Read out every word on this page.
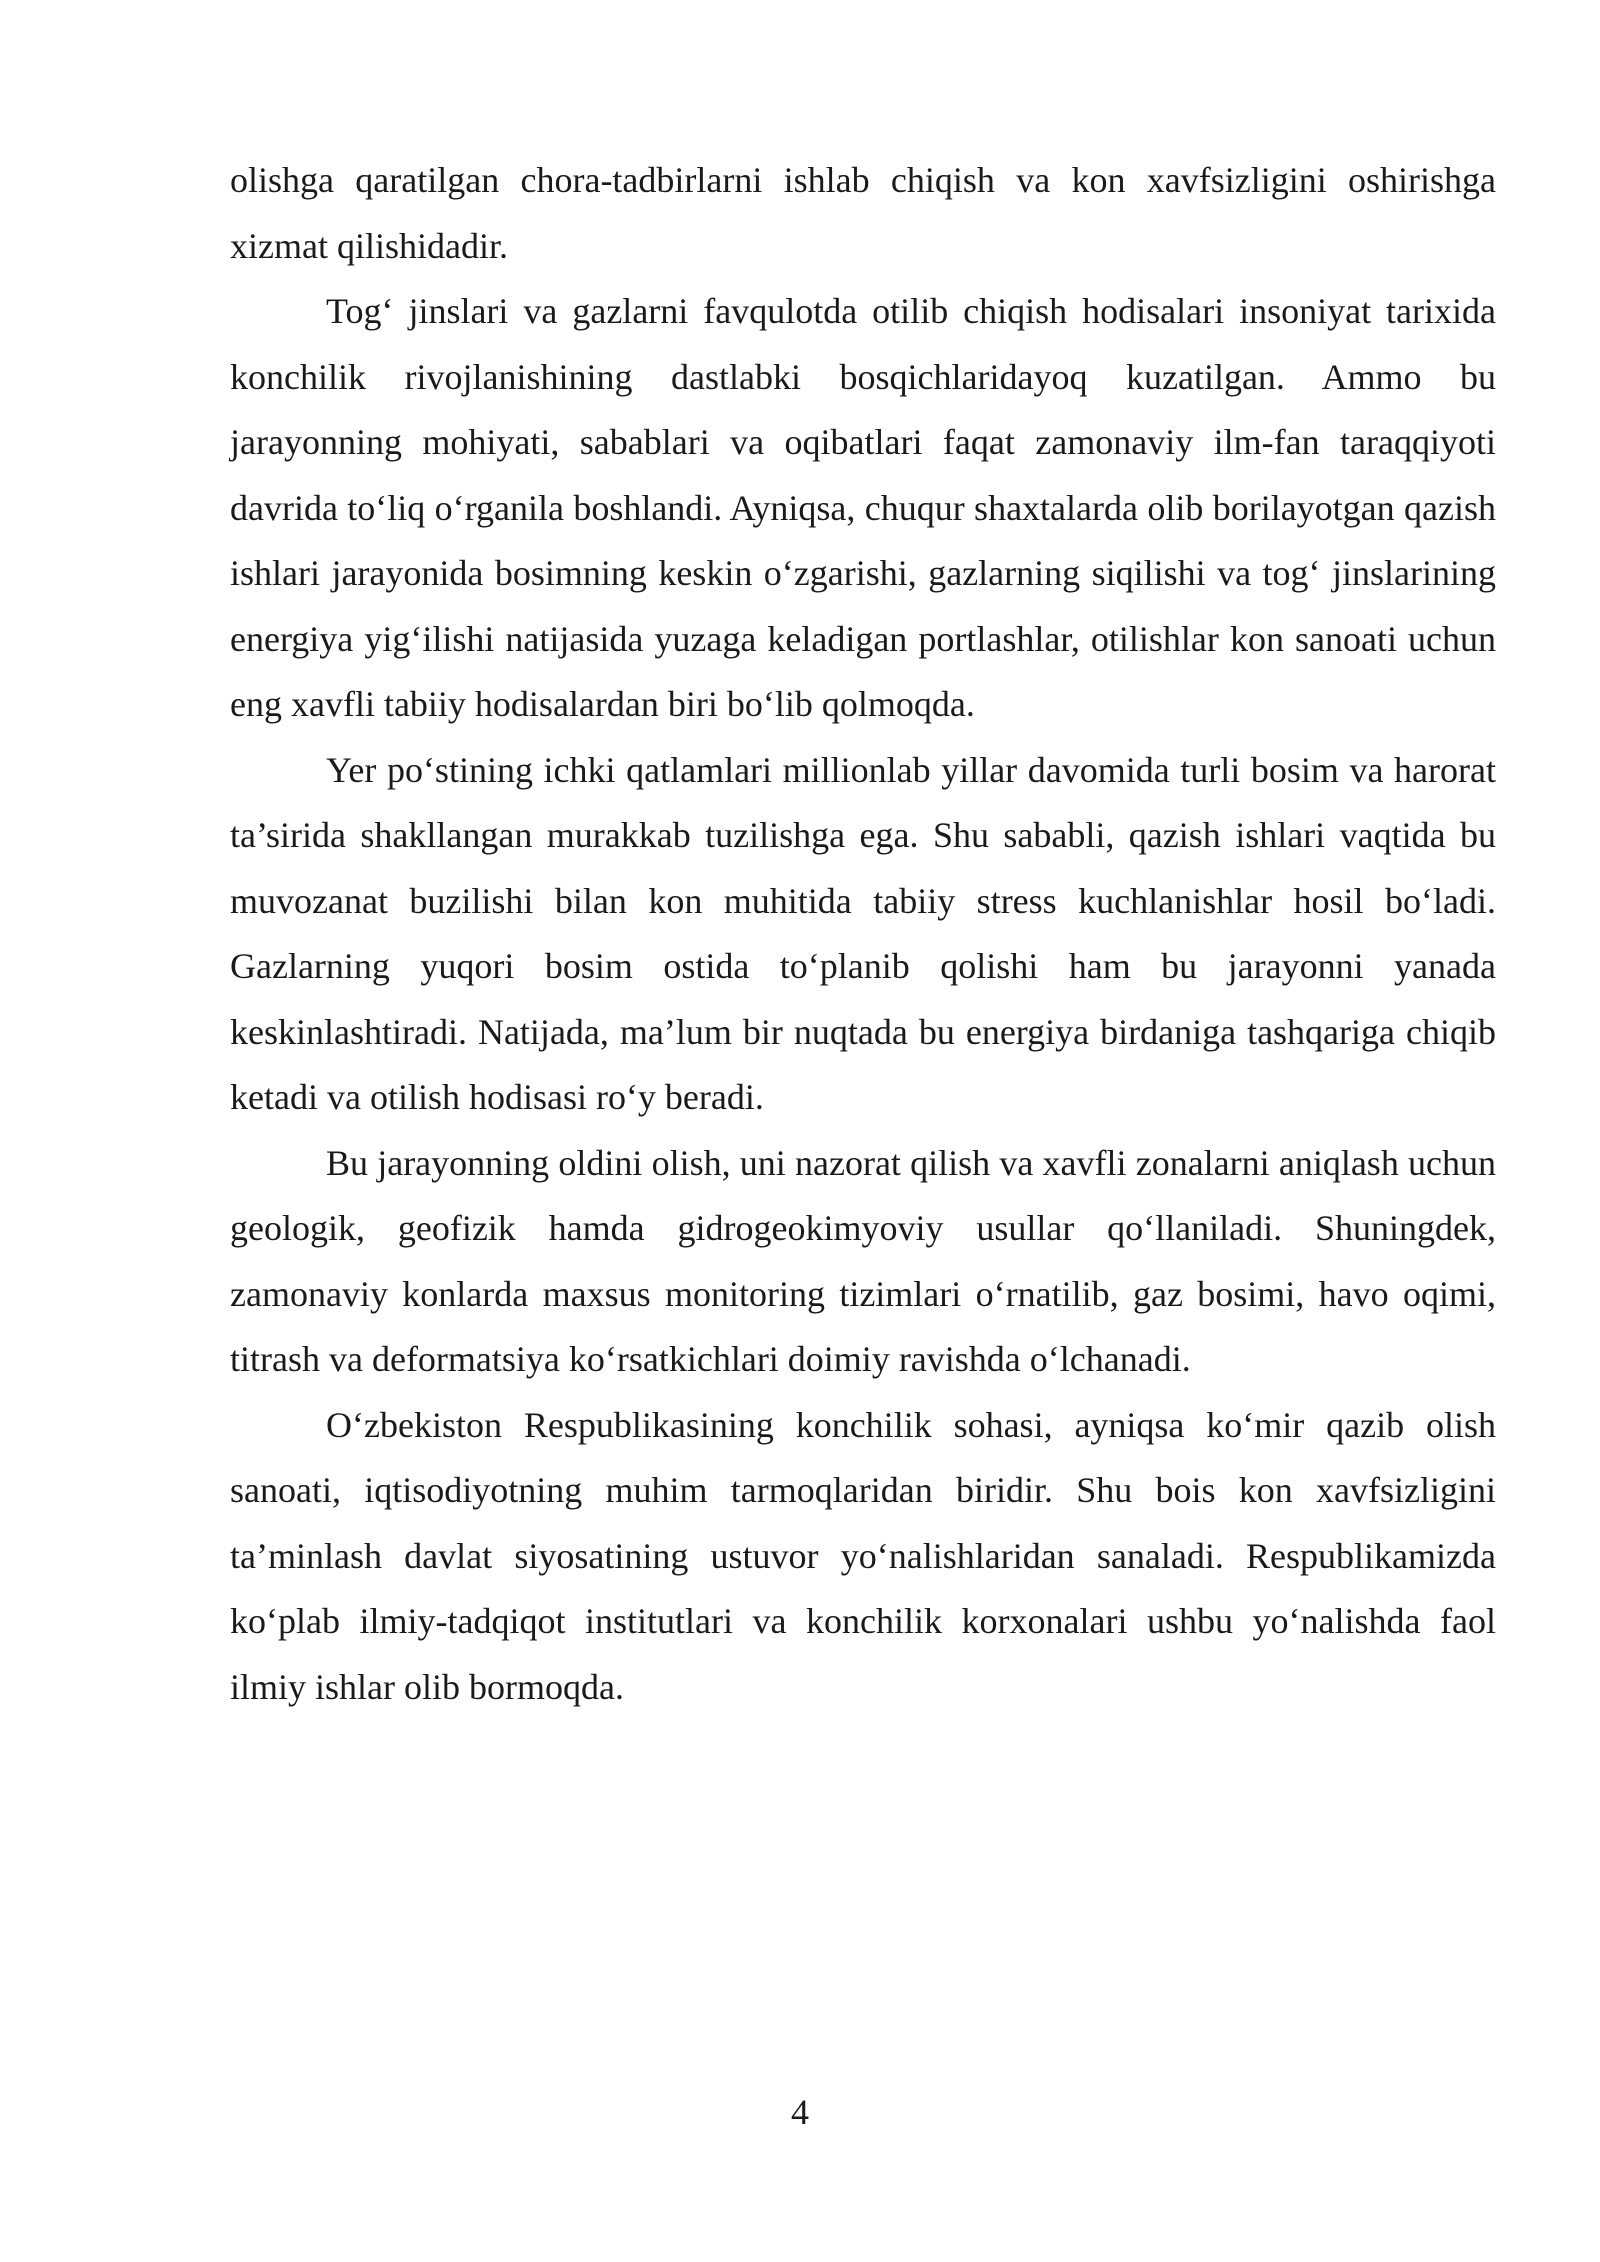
olishga qaratilgan chora-tadbirlarni ishlab chiqish va kon xavfsizligini oshirishga xizmat qilishidadir.

Tog‘ jinslari va gazlarni favqulotda otilib chiqish hodisalari insoniyat tarixida konchilik rivojlanishining dastlabki bosqichlaridayoq kuzatilgan. Ammo bu jarayonning mohiyati, sabablari va oqibatlari faqat zamonaviy ilm-fan taraqqiyoti davrida to‘liq o‘rganila boshlandi. Ayniqsa, chuqur shaxtalarda olib borilayotgan qazish ishlari jarayonida bosimning keskin o‘zgarishi, gazlarning siqilishi va tog‘ jinslarining energiya yig‘ilishi natijasida yuzaga keladigan portlashlar, otilishlar kon sanoati uchun eng xavfli tabiiy hodisalardan biri bo‘lib qolmoqda.

Yer po‘stining ichki qatlamlari millionlab yillar davomida turli bosim va harorat ta’sirida shakllangan murakkab tuzilishga ega. Shu sababli, qazish ishlari vaqtida bu muvozanat buzilishi bilan kon muhitida tabiiy stress kuchlanishlar hosil bo‘ladi. Gazlarning yuqori bosim ostida to‘planib qolishi ham bu jarayonni yanada keskinlashtiradi. Natijada, ma’lum bir nuqtada bu energiya birdaniga tashqariga chiqib ketadi va otilish hodisasi ro‘y beradi.

Bu jarayonning oldini olish, uni nazorat qilish va xavfli zonalarni aniqlash uchun geologik, geofizik hamda gidrogeokimyoviy usullar qo‘llaniladi. Shuningdek, zamonaviy konlarda maxsus monitoring tizimlari o‘rnatilib, gaz bosimi, havo oqimi, titrash va deformatsiya ko‘rsatkichlari doimiy ravishda o‘lchanadi.

O‘zbekiston Respublikasining konchilik sohasi, ayniqsa ko‘mir qazib olish sanoati, iqtisodiyotning muhim tarmoqlaridan biridir. Shu bois kon xavfsizligini ta’minlash davlat siyosatining ustuvor yo‘nalishlaridan sanaladi. Respublikamizda ko‘plab ilmiy-tadqiqot institutlari va konchilik korxonalari ushbu yo‘nalishda faol ilmiy ishlar olib bormoqda.

4
